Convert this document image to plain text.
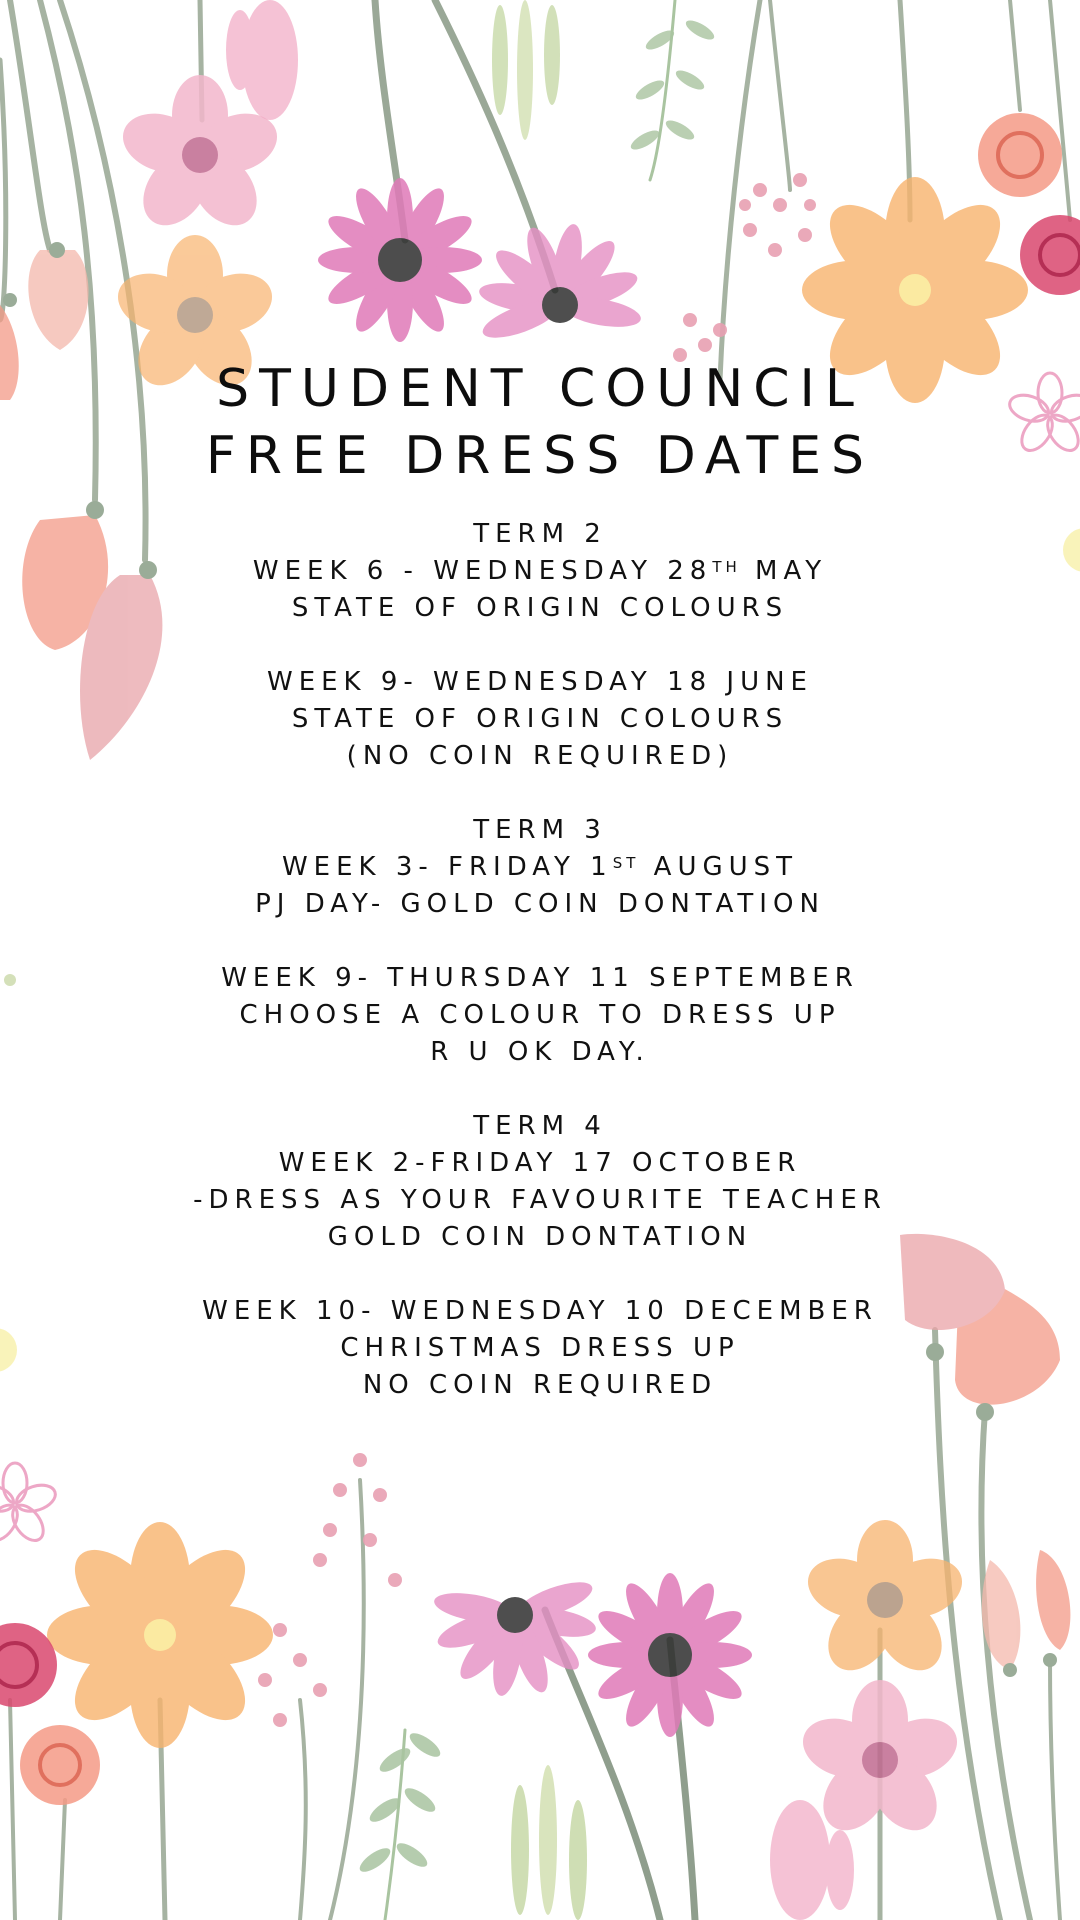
STUDENT COUNCIL
FREE DRESS DATES
TERM 2
WEEK 6 - WEDNESDAY 28TH MAY
STATE OF ORIGIN COLOURS
WEEK 9- WEDNESDAY 18 JUNE
STATE OF ORIGIN COLOURS
(NO COIN REQUIRED)
TERM 3
WEEK 3- FRIDAY 1ST AUGUST
PJ DAY- GOLD COIN DONTATION
WEEK 9- THURSDAY 11 SEPTEMBER
CHOOSE A COLOUR TO DRESS UP
R U OK DAY.
TERM 4
WEEK 2-FRIDAY 17 OCTOBER
-DRESS AS YOUR FAVOURITE TEACHER
GOLD COIN DONTATION
WEEK 10- WEDNESDAY 10 DECEMBER
CHRISTMAS DRESS UP
NO COIN REQUIRED
